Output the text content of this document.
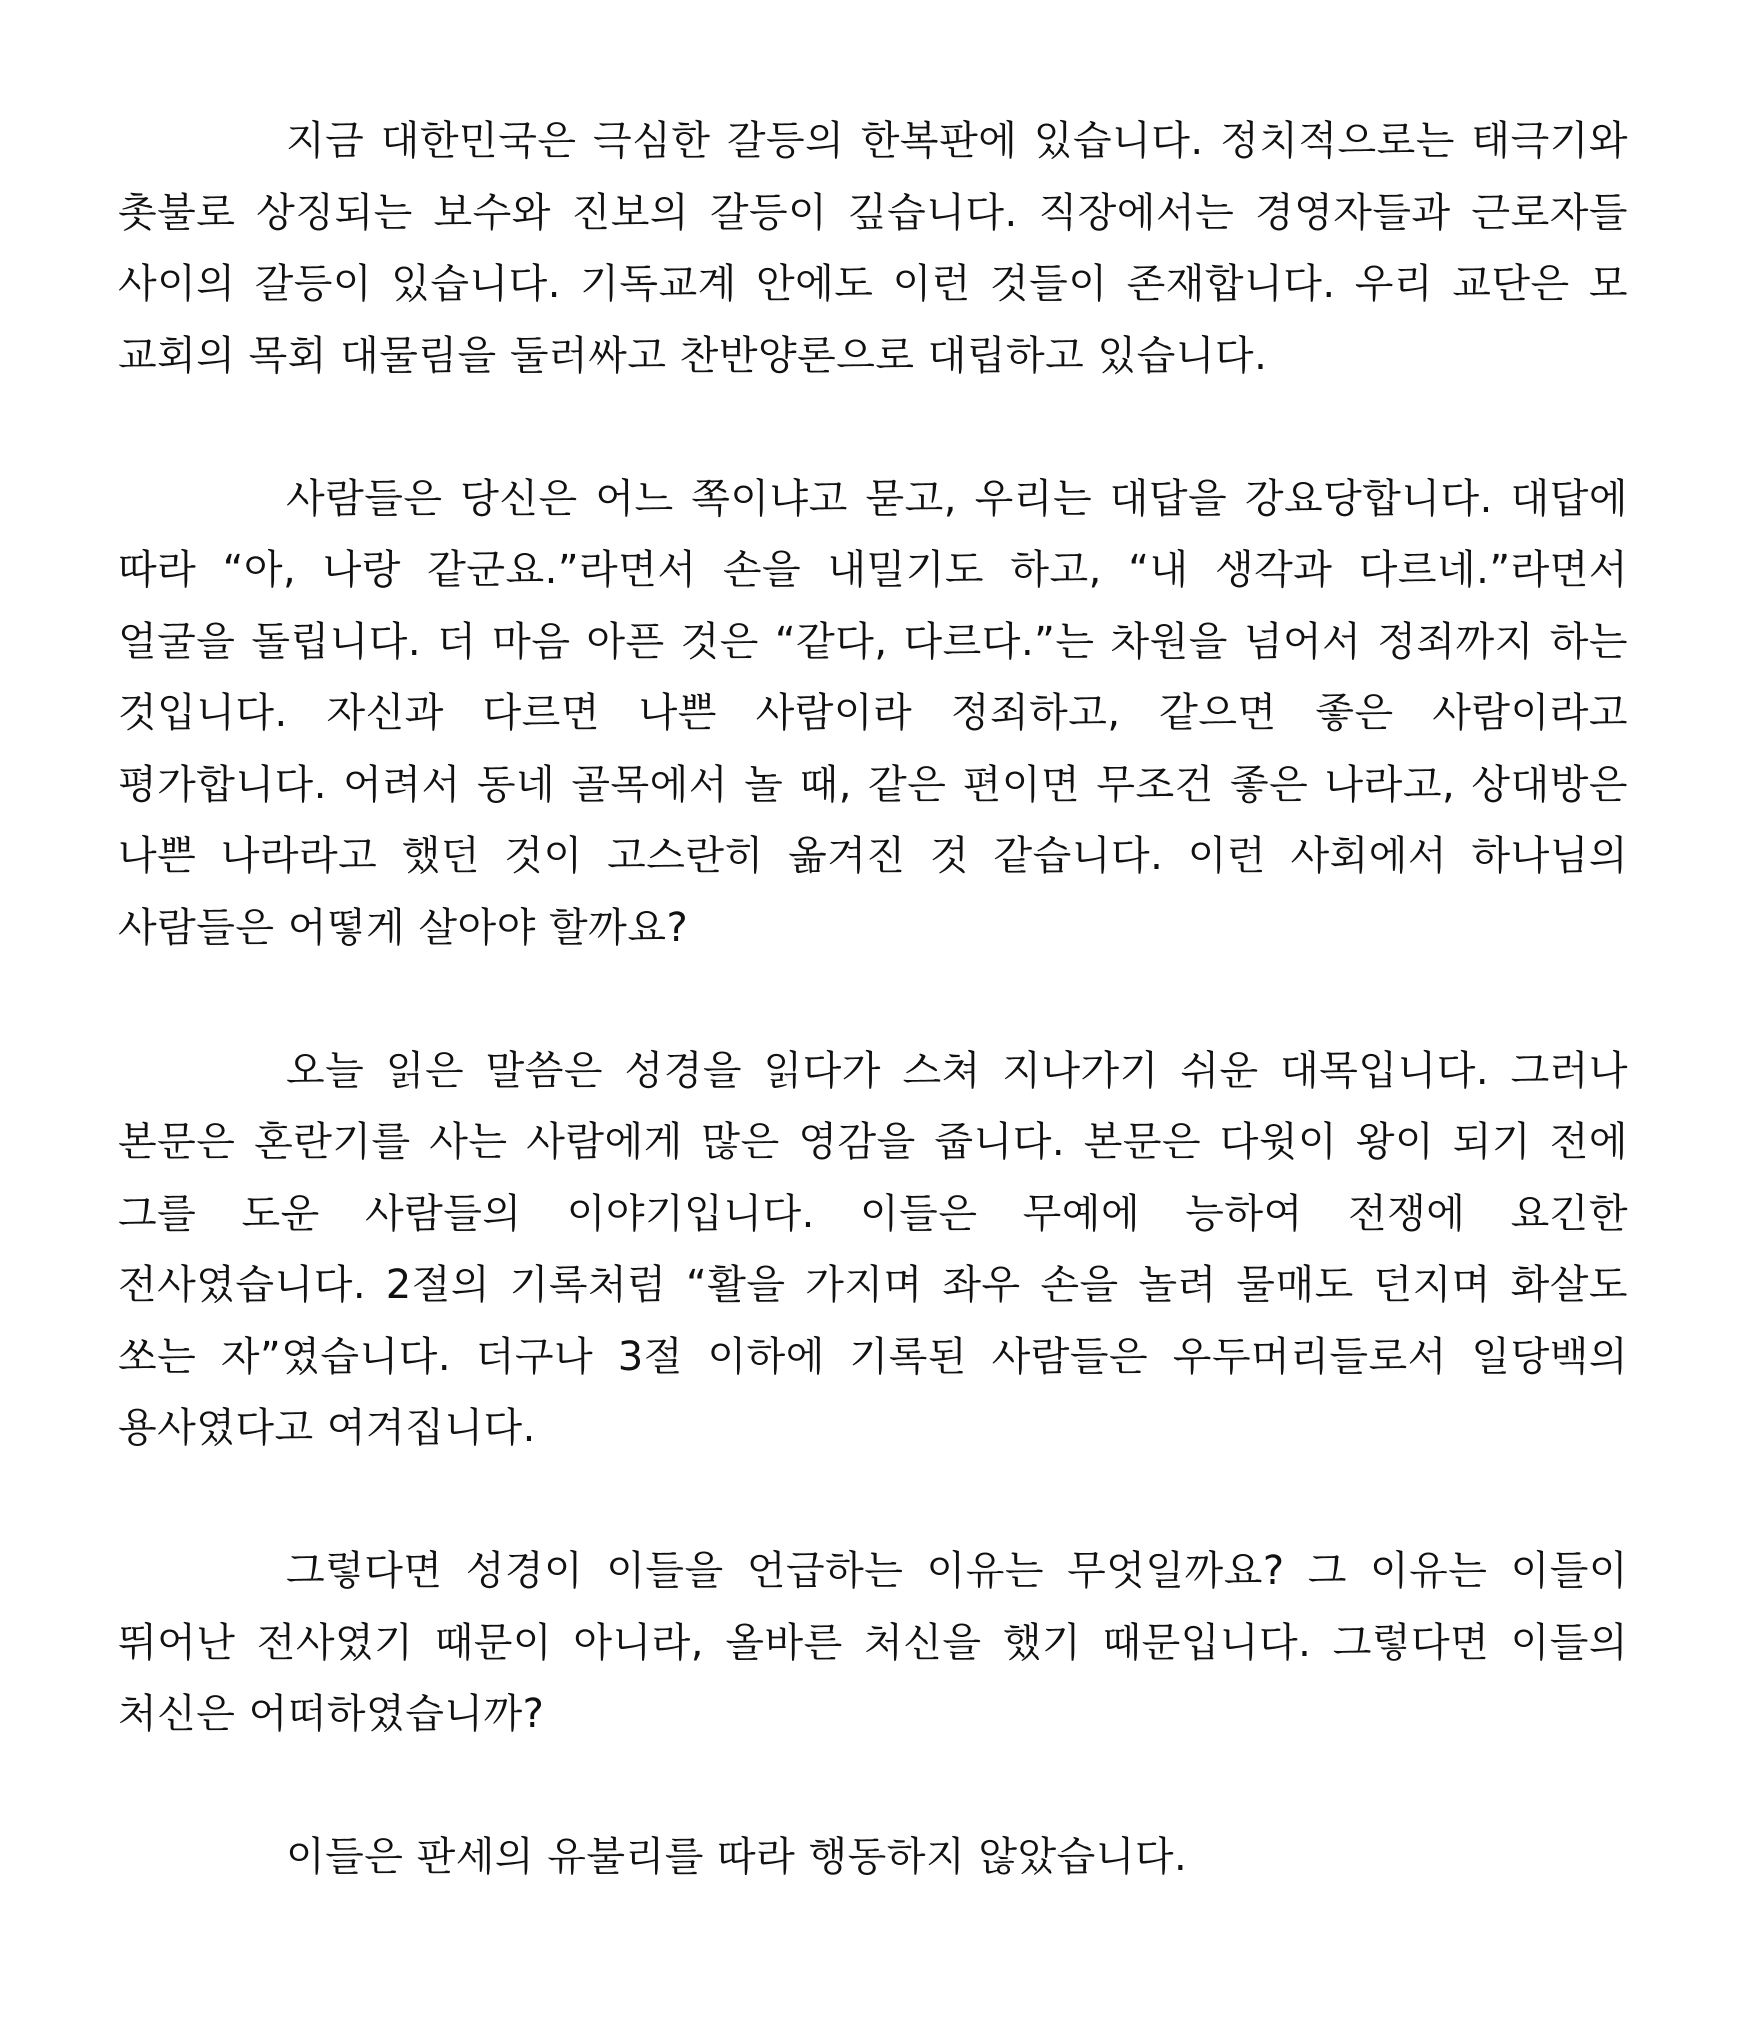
지금 대한민국은 극심한 갈등의 한복판에 있습니다. 정치적으로는 태극기와 촛불로 상징되는 보수와 진보의 갈등이 깊습니다. 직장에서는 경영자들과 근로자들 사이의 갈등이 있습니다. 기독교계 안에도 이런 것들이 존재합니다. 우리 교단은 모 교회의 목회 대물림을 둘러싸고 찬반양론으로 대립하고 있습니다.

사람들은 당신은 어느 쪽이냐고 묻고, 우리는 대답을 강요당합니다. 대답에 따라 “아, 나랑 같군요.”라면서 손을 내밀기도 하고, “내 생각과 다르네.”라면서 얼굴을 돌립니다. 더 마음 아픈 것은 “같다, 다르다.”는 차원을 넘어서 정죄까지 하는 것입니다. 자신과 다르면 나쁜 사람이라 정죄하고, 같으면 좋은 사람이라고 평가합니다. 어려서 동네 골목에서 놀 때, 같은 편이면 무조건 좋은 나라고, 상대방은 나쁜 나라라고 했던 것이 고스란히 옮겨진 것 같습니다. 이런 사회에서 하나님의 사람들은 어떻게 살아야 할까요?

오늘 읽은 말씀은 성경을 읽다가 스쳐 지나가기 쉬운 대목입니다. 그러나 본문은 혼란기를 사는 사람에게 많은 영감을 줍니다. 본문은 다윗이 왕이 되기 전에 그를 도운 사람들의 이야기입니다. 이들은 무예에 능하여 전쟁에 요긴한 전사였습니다. 2절의 기록처럼 “활을 가지며 좌우 손을 놀려 물매도 던지며 화살도 쏘는 자”였습니다. 더구나 3절 이하에 기록된 사람들은 우두머리들로서 일당백의 용사였다고 여겨집니다.

그렇다면 성경이 이들을 언급하는 이유는 무엇일까요? 그 이유는 이들이 뛰어난 전사였기 때문이 아니라, 올바른 처신을 했기 때문입니다. 그렇다면 이들의 처신은 어떠하였습니까?

이들은 판세의 유불리를 따라 행동하지 않았습니다.
